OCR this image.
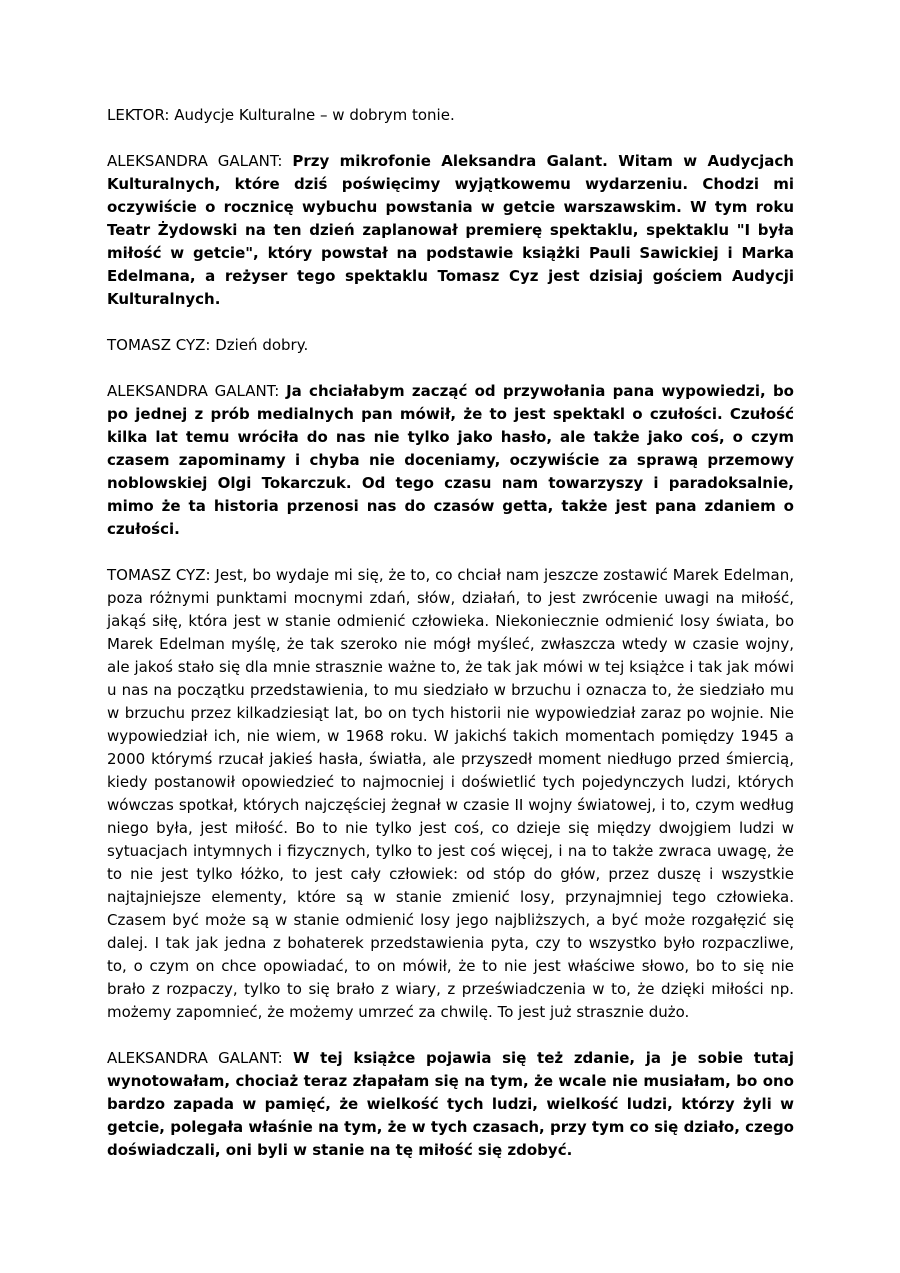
LEKTOR: Audycje Kulturalne – w dobrym tonie.

ALEKSANDRA GALANT: Przy mikrofonie Aleksandra Galant. Witam w Audycjach Kulturalnych, które dziś poświęcimy wyjątkowemu wydarzeniu. Chodzi mi oczywiście o rocznicę wybuchu powstania w getcie warszawskim. W tym roku Teatr Żydowski na ten dzień zaplanował premierę spektaklu, spektaklu "I była miłość w getcie", który powstał na podstawie książki Pauli Sawickiej i Marka Edelmana, a reżyser tego spektaklu Tomasz Cyz jest dzisiaj gościem Audycji Kulturalnych.

TOMASZ CYZ: Dzień dobry.

ALEKSANDRA GALANT: Ja chciałabym zacząć od przywołania pana wypowiedzi, bo po jednej z prób medialnych pan mówił, że to jest spektakl o czułości. Czułość kilka lat temu wróciła do nas nie tylko jako hasło, ale także jako coś, o czym czasem zapominamy i chyba nie doceniamy, oczywiście za sprawą przemowy noblowskiej Olgi Tokarczuk. Od tego czasu nam towarzyszy i paradoksalnie, mimo że ta historia przenosi nas do czasów getta, także jest pana zdaniem o czułości.

TOMASZ CYZ: Jest, bo wydaje mi się, że to, co chciał nam jeszcze zostawić Marek Edelman, poza różnymi punktami mocnymi zdań, słów, działań, to jest zwrócenie uwagi na miłość, jakąś siłę, która jest w stanie odmienić człowieka. Niekoniecznie odmienić losy świata, bo Marek Edelman myślę, że tak szeroko nie mógł myśleć, zwłaszcza wtedy w czasie wojny, ale jakoś stało się dla mnie strasznie ważne to, że tak jak mówi w tej książce i tak jak mówi u nas na początku przedstawienia, to mu siedziało w brzuchu i oznacza to, że siedziało mu w brzuchu przez kilkadziesiąt lat, bo on tych historii nie wypowiedział zaraz po wojnie. Nie wypowiedział ich, nie wiem, w 1968 roku. W jakichś takich momentach pomiędzy 1945 a 2000 którymś rzucał jakieś hasła, światła, ale przyszedł moment niedługo przed śmiercią, kiedy postanowił opowiedzieć to najmocniej i doświetlić tych pojedynczych ludzi, których wówczas spotkał, których najczęściej żegnał w czasie II wojny światowej, i to, czym według niego była, jest miłość. Bo to nie tylko jest coś, co dzieje się między dwojgiem ludzi w sytuacjach intymnych i fizycznych, tylko to jest coś więcej, i na to także zwraca uwagę, że to nie jest tylko łóżko, to jest cały człowiek: od stóp do głów, przez duszę i wszystkie najtajniejsze elementy, które są w stanie zmienić losy, przynajmniej tego człowieka. Czasem być może są w stanie odmienić losy jego najbliższych, a być może rozgałęzić się dalej. I tak jak jedna z bohaterek przedstawienia pyta, czy to wszystko było rozpaczliwe, to, o czym on chce opowiadać, to on mówił, że to nie jest właściwe słowo, bo to się nie brało z rozpaczy, tylko to się brało z wiary, z przeświadczenia w to, że dzięki miłości np. możemy zapomnieć, że możemy umrzeć za chwilę. To jest już strasznie dużo.

ALEKSANDRA GALANT: W tej książce pojawia się też zdanie, ja je sobie tutaj wynotowałam, chociaż teraz złapałam się na tym, że wcale nie musiałam, bo ono bardzo zapada w pamięć, że wielkość tych ludzi, wielkość ludzi, którzy żyli w getcie, polegała właśnie na tym, że w tych czasach, przy tym co się działo, czego doświadczali, oni byli w stanie na tę miłość się zdobyć.
